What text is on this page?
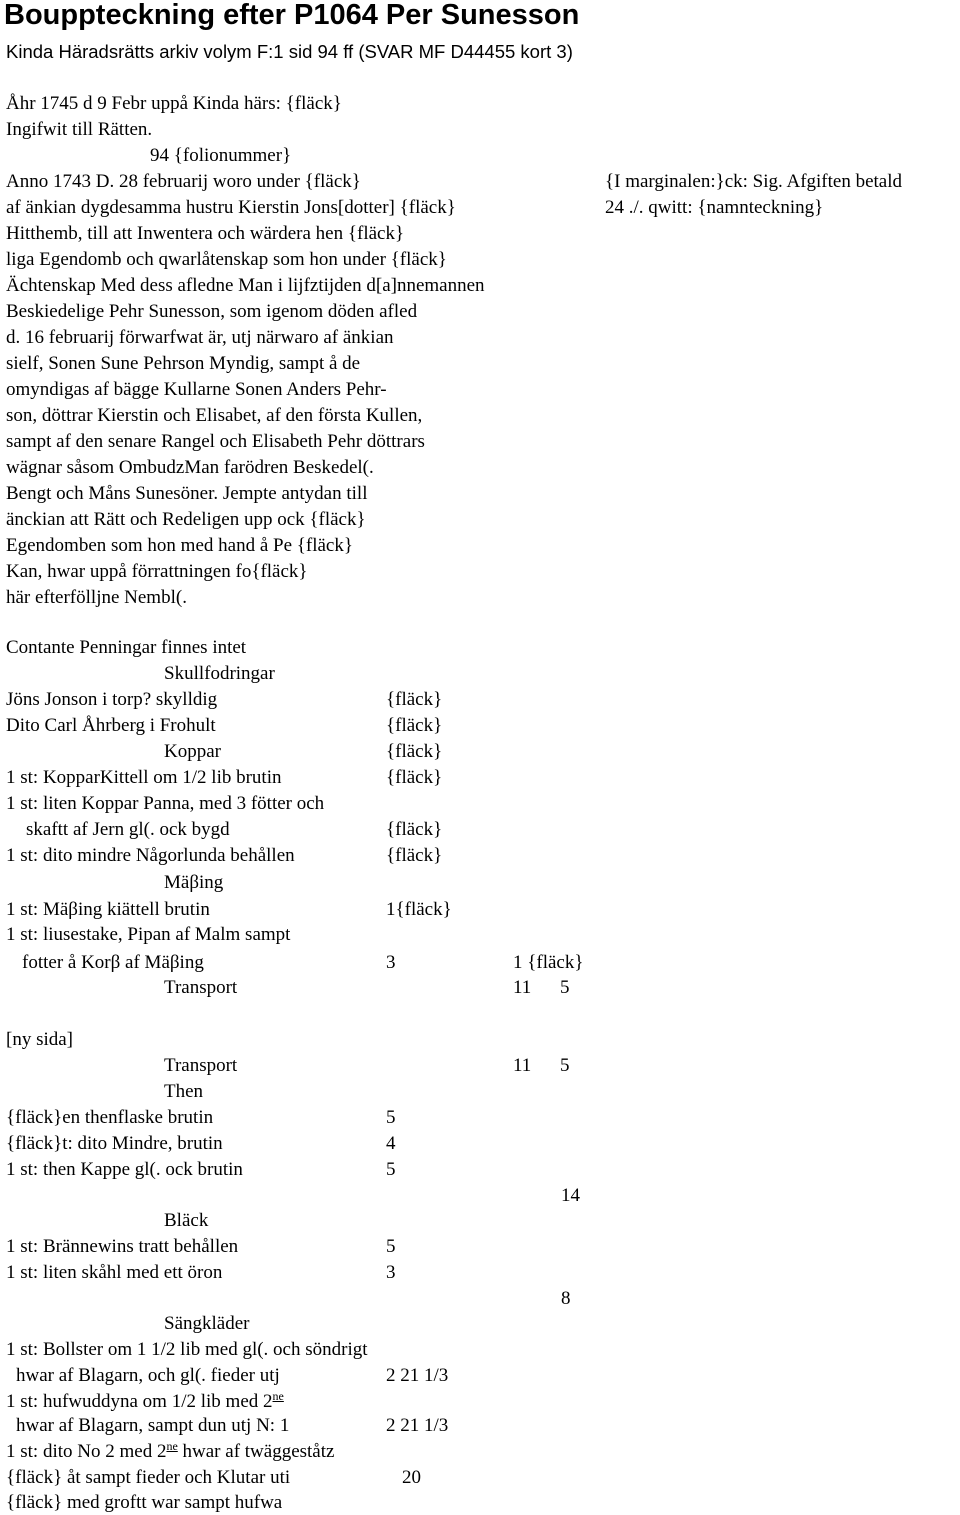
Bouppteckning efter P1064 Per Sunesson
Kinda Häradsrätts arkiv volym F:1 sid 94 ff (SVAR MF D44455 kort 3)
Åhr 1745 d 9 Febr uppå Kinda härs: {fläck}
Ingifwit till Rätten.
94 {folionummer}
Anno 1743 D. 28 februarij woro under {fläck}
af änkian dygdesamma hustru Kierstin Jons[dotter] {fläck}
Hitthemb, till att Inwentera och wärdera hen {fläck}
liga Egendomb och qwarlåtenskap som hon under {fläck}
Ächtenskap Med dess afledne Man i lijfztijden d[a]nnemannen
Beskiedelige Pehr Sunesson, som igenom döden afled
d. 16 februarij förwarfwat är, utj närwaro af änkian
sielf, Sonen Sune Pehrson Myndig, sampt å de
omyndigas af bägge Kullarne Sonen Anders Pehr-
son, döttrar Kierstin och Elisabet, af den första Kullen,
sampt af den senare Rangel och Elisabeth Pehr döttrars
wägnar såsom OmbudzMan farödren Beskedel(.
Bengt och Måns Sunesöner. Jempte antydan till
änckian att Rätt och Redeligen upp ock {fläck}
Egendomben som hon med hand å Pe {fläck}
Kan, hwar uppå förrattningen fo{fläck}
här efterfölljne Nembl(.
{I marginalen:}ck: Sig. Afgiften betald
24 ./. qwitt: {namnteckning}
Contante Penningar finnes intet
Skullfodringar
Jöns Jonson i torp? skylldig	{fläck}
Dito Carl Åhrberg i Frohult	{fläck}
Koppar	{fläck}
1 st: KopparKittell om 1/2 lib brutin	{fläck}
1 st: liten Koppar Panna, med 3 fötter och
skaftt af Jern gl(. ock bygd	{fläck}
1 st: dito mindre Någorlunda behållen	{fläck}
Mäβing
1 st: Mäβing kiättell brutin	1{fläck}
1 st: liusestake, Pipan af Malm sampt
fotter å Korβ af Mäβing	3	1 {fläck}
Transport	11 5
[ny sida]
Transport	11 5
Then
{fläck}en thenflaske brutin	5
{fläck}t: dito Mindre, brutin	4
1 st: then Kappe gl(. ock brutin	5
14
Bläck
1 st: Brännewins tratt behållen	5
1 st: liten skåhl med ett öron	3
8
Sängkläder
1 st: Bollster om 1 1/2 lib med gl(. och söndrigt
hwar af Blagarn, och gl(. fieder utj	2 21 1/3
1 st: hufwuddyna om 1/2 lib med $2^{ne}$
hwar af Blagarn, sampt dun utj N: 1	2 21 1/3
1 st: dito No 2 med $2^{ne}$ hwar af twäggeståtz
{fläck} åt sampt fieder och Klutar uti	20
{fläck} med groftt war sampt hufwa
